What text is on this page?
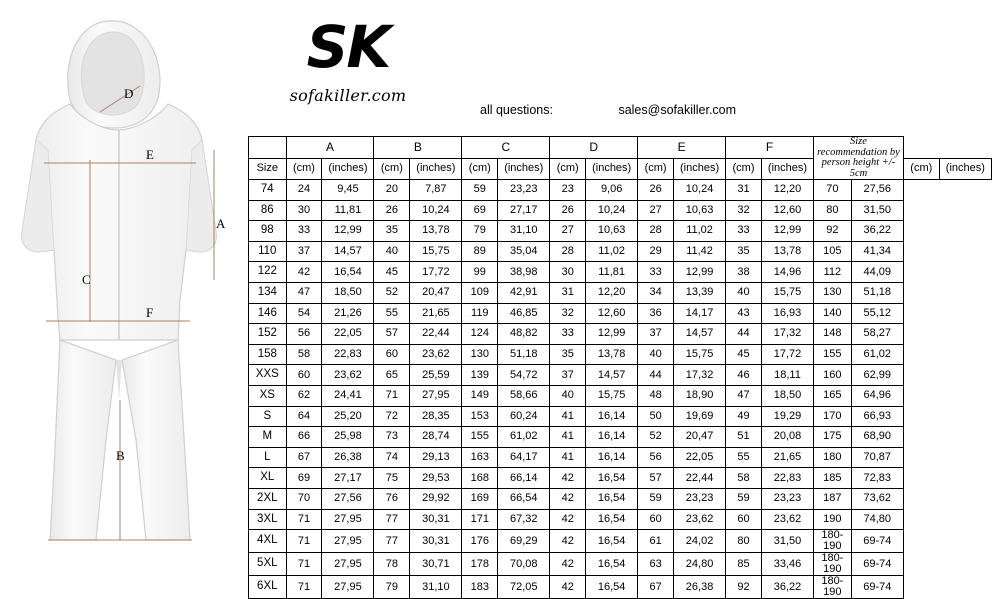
D
E
F
C
A
B
SK
sofakiller.com
all questions:	sales@sofakiller.com
	A		B		C		D		E		F		Size recommendation by person height +/- 5cm			
Size	(cm)	(inches)	(cm)	(inches)	(cm)	(inches)	(cm)	(inches)	(cm)	(inches)	(cm)	(inches)			(cm)	(inches)
74	24	9,45	20	7,87	59	23,23	23	9,06	26	10,24	31	12,20	70	27,56		
86	30	11,81	26	10,24	69	27,17	26	10,24	27	10,63	32	12,60	80	31,50		
98	33	12,99	35	13,78	79	31,10	27	10,63	28	11,02	33	12,99	92	36,22		
110	37	14,57	40	15,75	89	35,04	28	11,02	29	11,42	35	13,78	105	41,34		
122	42	16,54	45	17,72	99	38,98	30	11,81	33	12,99	38	14,96	112	44,09		
134	47	18,50	52	20,47	109	42,91	31	12,20	34	13,39	40	15,75	130	51,18		
146	54	21,26	55	21,65	119	46,85	32	12,60	36	14,17	43	16,93	140	55,12		
152	56	22,05	57	22,44	124	48,82	33	12,99	37	14,57	44	17,32	148	58,27		
158	58	22,83	60	23,62	130	51,18	35	13,78	40	15,75	45	17,72	155	61,02		
XXS	60	23,62	65	25,59	139	54,72	37	14,57	44	17,32	46	18,11	160	62,99		
XS	62	24,41	71	27,95	149	58,66	40	15,75	48	18,90	47	18,50	165	64,96		
S	64	25,20	72	28,35	153	60,24	41	16,14	50	19,69	49	19,29	170	66,93		
M	66	25,98	73	28,74	155	61,02	41	16,14	52	20,47	51	20,08	175	68,90		
L	67	26,38	74	29,13	163	64,17	41	16,14	56	22,05	55	21,65	180	70,87		
XL	69	27,17	75	29,53	168	66,14	42	16,54	57	22,44	58	22,83	185	72,83		
2XL	70	27,56	76	29,92	169	66,54	42	16,54	59	23,23	59	23,23	187	73,62		
3XL	71	27,95	77	30,31	171	67,32	42	16,54	60	23,62	60	23,62	190	74,80		
4XL	71	27,95	77	30,31	176	69,29	42	16,54	61	24,02	80	31,50	180-190	69-74		
5XL	71	27,95	78	30,71	178	70,08	42	16,54	63	24,80	85	33,46	180-190	69-74		
6XL	71	27,95	79	31,10	183	72,05	42	16,54	67	26,38	92	36,22	180-190	69-74		
